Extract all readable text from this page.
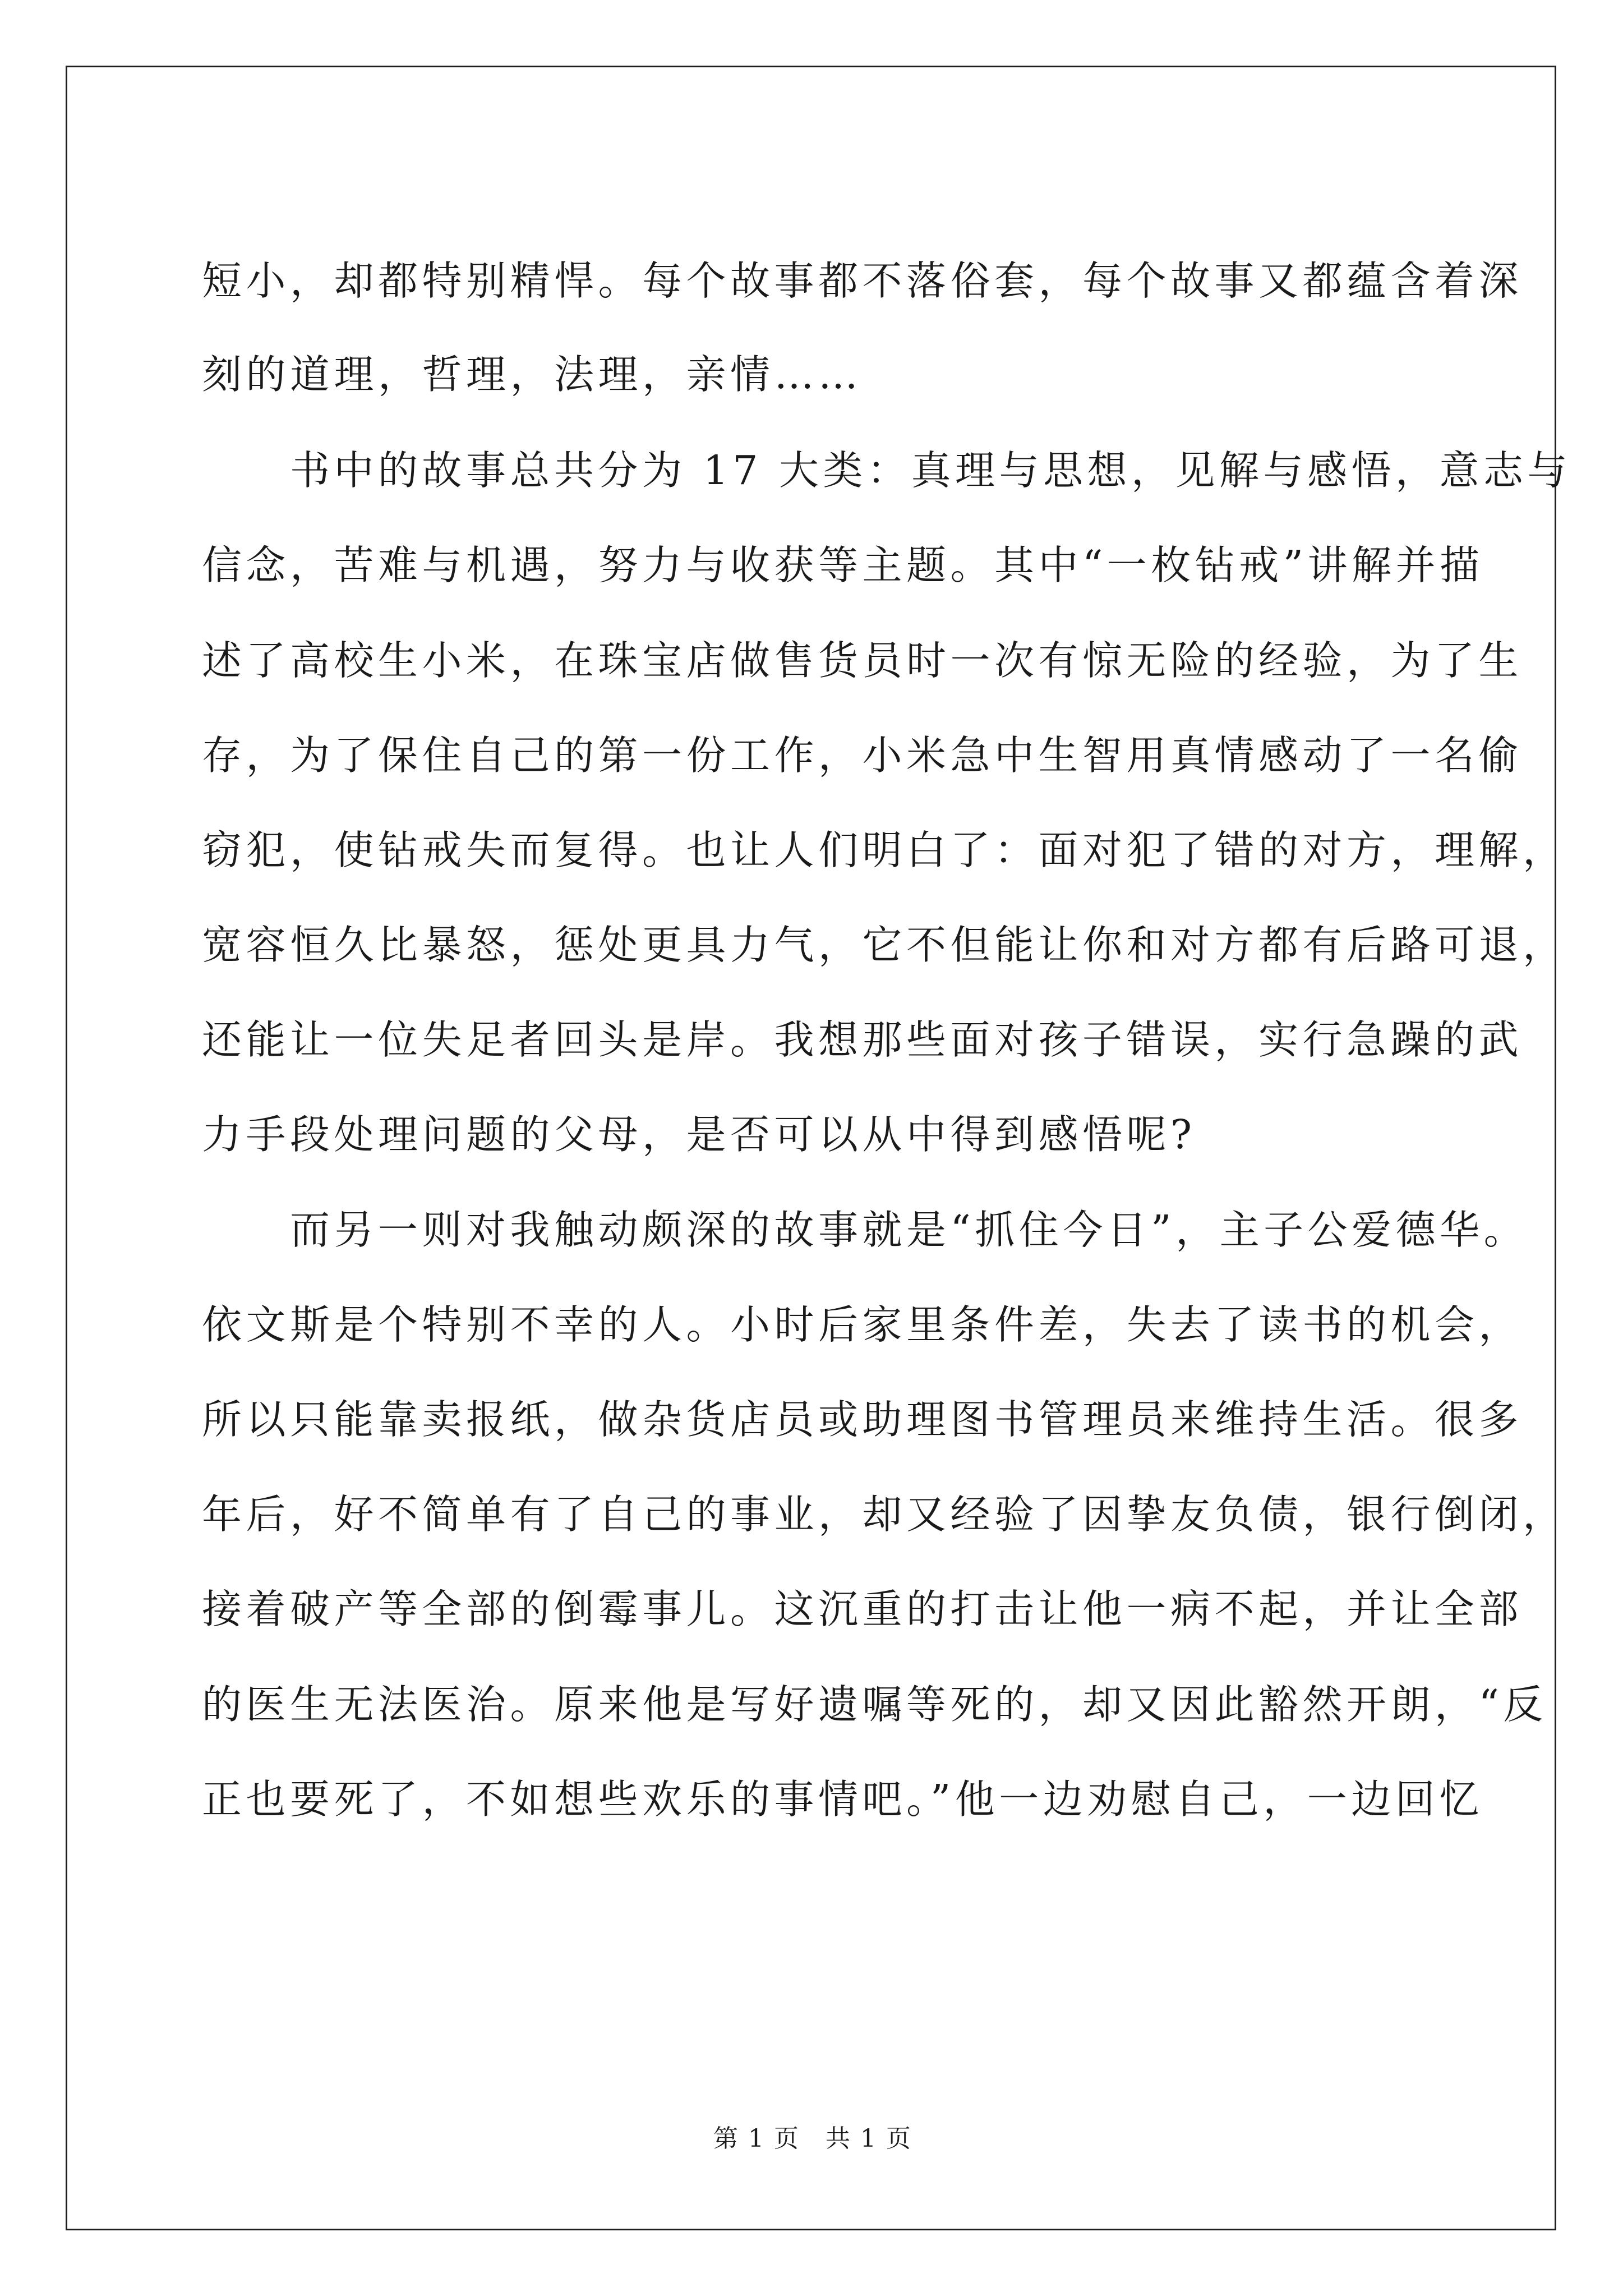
短小，却都特别精悍。每个故事都不落俗套，每个故事又都蕴含着深
刻的道理，哲理，法理，亲情……
　　书中的故事总共分为 17 大类：真理与思想，见解与感悟，意志与
信念，苦难与机遇，努力与收获等主题。其中“一枚钻戒”讲解并描
述了高校生小米，在珠宝店做售货员时一次有惊无险的经验，为了生
存，为了保住自己的第一份工作，小米急中生智用真情感动了一名偷
窃犯，使钻戒失而复得。也让人们明白了：面对犯了错的对方，理解，
宽容恒久比暴怒，惩处更具力气，它不但能让你和对方都有后路可退，
还能让一位失足者回头是岸。我想那些面对孩子错误，实行急躁的武
力手段处理问题的父母，是否可以从中得到感悟呢?
　　而另一则对我触动颇深的故事就是“抓住今日”，主子公爱德华。
依文斯是个特别不幸的人。小时后家里条件差，失去了读书的机会，
所以只能靠卖报纸，做杂货店员或助理图书管理员来维持生活。很多
年后，好不简单有了自己的事业，却又经验了因挚友负债，银行倒闭，
接着破产等全部的倒霉事儿。这沉重的打击让他一病不起，并让全部
的医生无法医治。原来他是写好遗嘱等死的，却又因此豁然开朗，“反
正也要死了，不如想些欢乐的事情吧。”他一边劝慰自己，一边回忆
第 1 页　共 1 页
